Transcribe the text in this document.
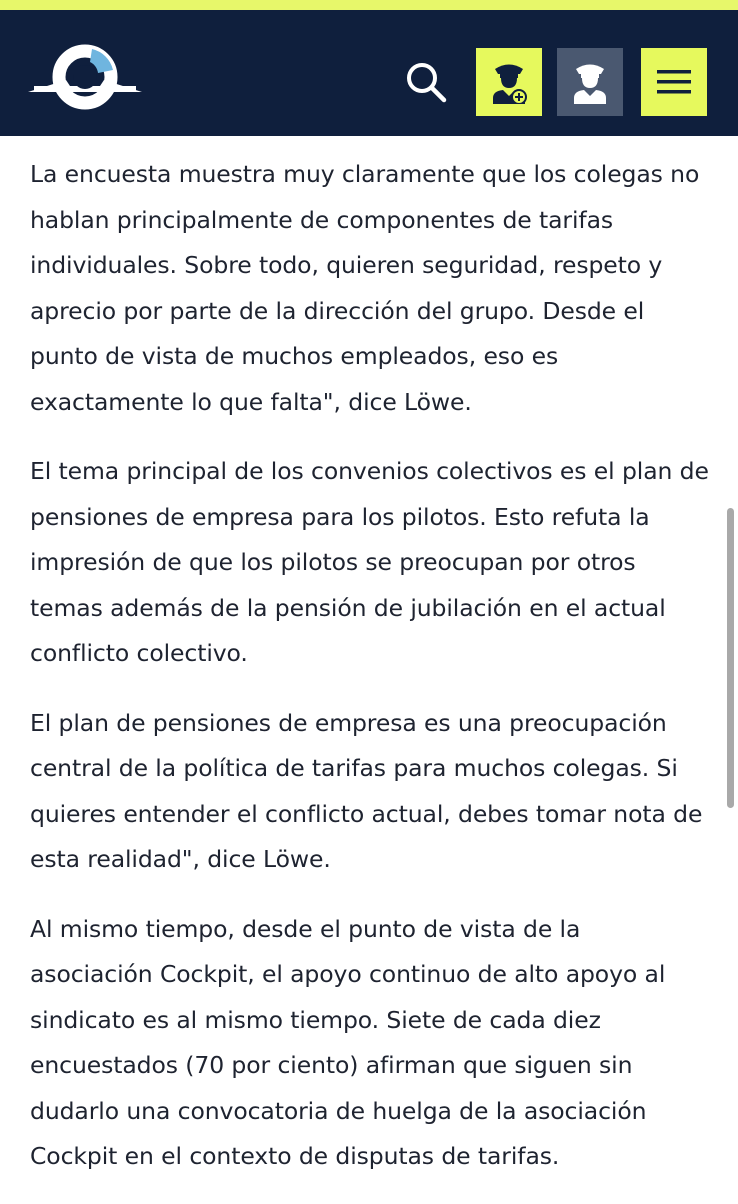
La encuesta muestra muy claramente que los colegas no hablan principalmente de componentes de tarifas individuales. Sobre todo, quieren seguridad, respeto y aprecio por parte de la dirección del grupo. Desde el punto de vista de muchos empleados, eso es exactamente lo que falta", dice Löwe.

El tema principal de los convenios colectivos es el plan de pensiones de empresa para los pilotos. Esto refuta la impresión de que los pilotos se preocupan por otros temas además de la pensión de jubilación en el actual conflicto colectivo.

El plan de pensiones de empresa es una preocupación central de la política de tarifas para muchos colegas. Si quieres entender el conflicto actual, debes tomar nota de esta realidad", dice Löwe.

Al mismo tiempo, desde el punto de vista de la asociación Cockpit, el apoyo continuo de alto apoyo al sindicato es al mismo tiempo. Siete de cada diez encuestados (70 por ciento) afirman que siguen sin dudarlo una convocatoria de huelga de la asociación Cockpit en el contexto de disputas de tarifas.
